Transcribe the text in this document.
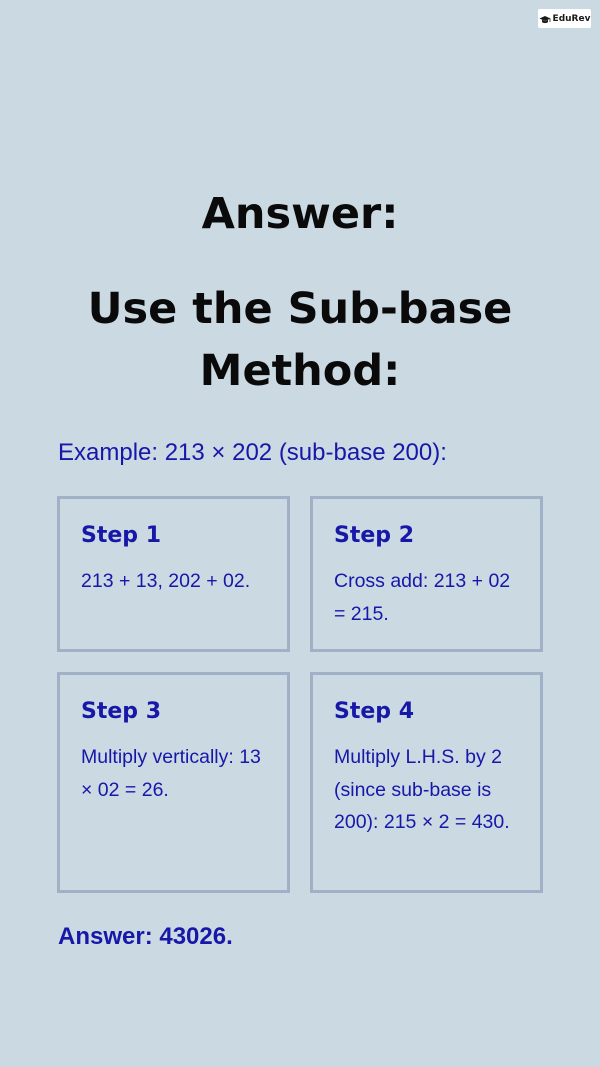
EduRev
Answer:
Use the Sub-base
Method:

Example: 213 × 202 (sub-base 200):

Step 1

213 + 13, 202 + 02.

Step 2

Cross add: 213 + 02 = 215.

Step 3

Multiply vertically: 13 × 02 = 26.

Step 4

Multiply L.H.S. by 2 (since sub-base is 200): 215 × 2 = 430.

Answer: 43026.
